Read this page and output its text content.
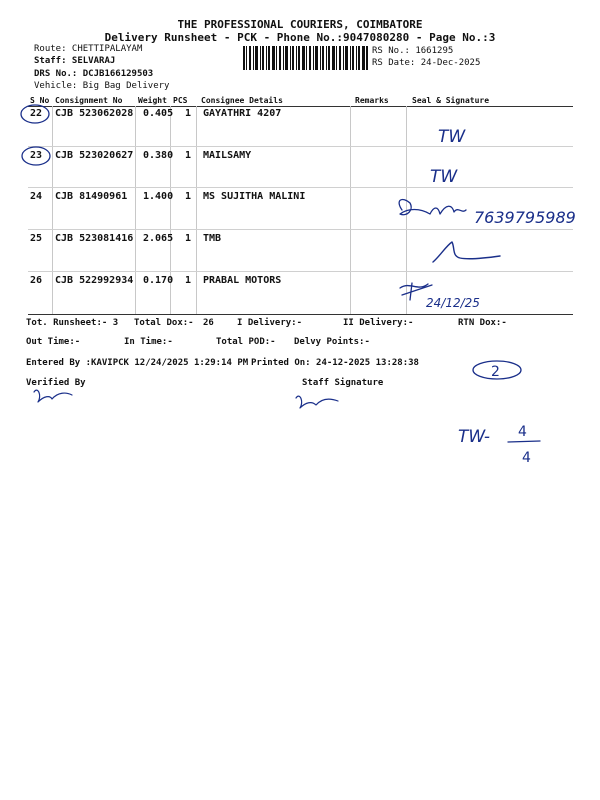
THE PROFESSIONAL COURIERS, COIMBATORE
Delivery Runsheet - PCK - Phone No.:9047080280 - Page No.:3
Route: CHETTIPALAYAM
Staff: SELVARAJ
DRS No.: DCJB166129503
Vehicle: Big Bag Delivery
RS No.: 1661295
RS Date: 24-Dec-2025
S No Consignment No Weight PCS Consignee Details	Remarks	Seal & Signature
22 CJB 523062028 0.405 1 GAYATHRI 4207
23 CJB 523020627 0.380 1 MAILSAMY
24 CJB 81490961 1.400 1 MS SUJITHA MALINI
25 CJB 523081416 2.065 1 TMB
26 CJB 522992934 0.170 1 PRABAL MOTORS
Tot. Runsheet:- 3 Total Dox:- 26	I Delivery:-	II Delivery:-	RTN Dox:-
Out Time:-	In Time:-	Total POD:- Delvy Points:-
Entered By :KAVIPCK 12/24/2025 1:29:14 PM Printed On: 24-12-2025 13:28:38
Verified By	Staff Signature
TW
TW
7639795989
24/12/25
2
TW- 4
4
